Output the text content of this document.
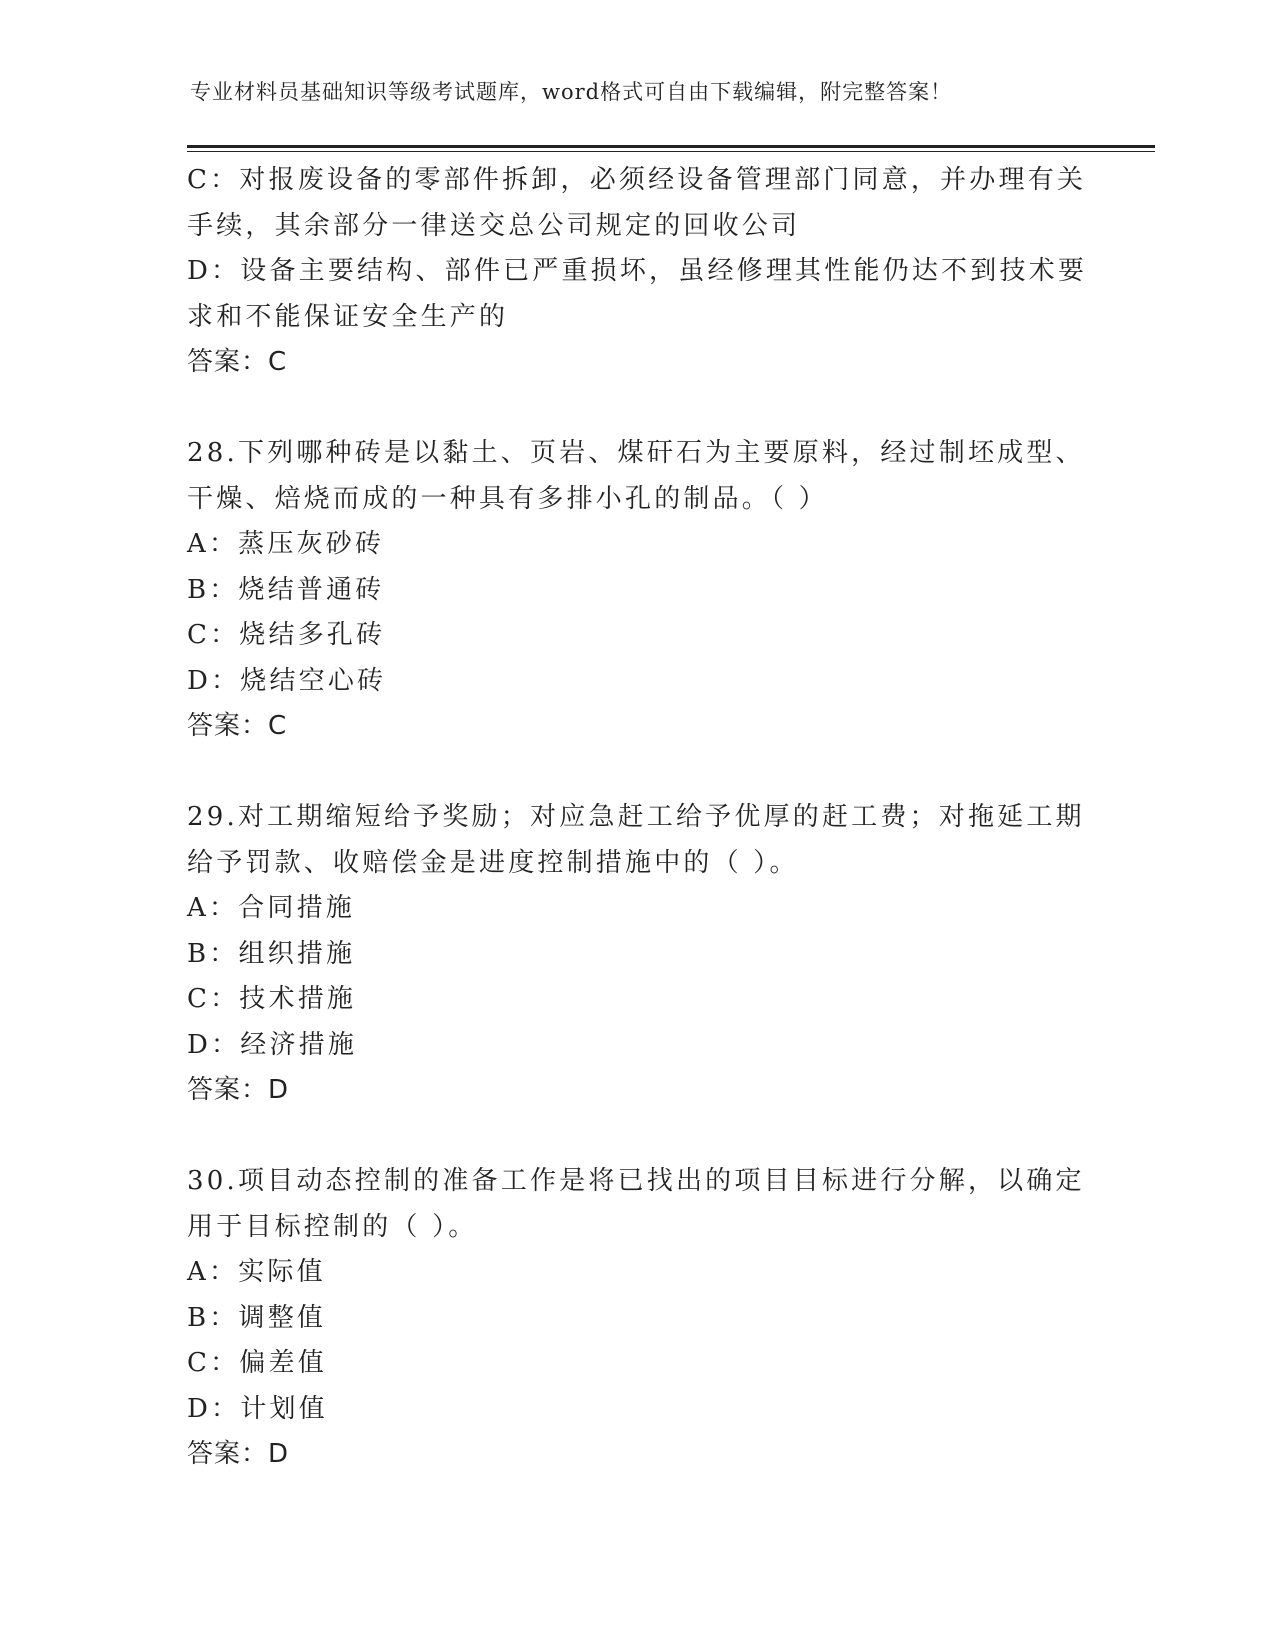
专业材料员基础知识等级考试题库，word格式可自由下载编辑，附完整答案！
C：对报废设备的零部件拆卸，必须经设备管理部门同意，并办理有关
手续，其余部分一律送交总公司规定的回收公司
D：设备主要结构、部件已严重损坏，虽经修理其性能仍达不到技术要
求和不能保证安全生产的
答案：C
28.下列哪种砖是以黏土、页岩、煤矸石为主要原料，经过制坯成型、
干燥、焙烧而成的一种具有多排小孔的制品。（ ）
A：蒸压灰砂砖
B：烧结普通砖
C：烧结多孔砖
D：烧结空心砖
答案：C
29.对工期缩短给予奖励；对应急赶工给予优厚的赶工费；对拖延工期
给予罚款、收赔偿金是进度控制措施中的（ ）。
A：合同措施
B：组织措施
C：技术措施
D：经济措施
答案：D
30.项目动态控制的准备工作是将已找出的项目目标进行分解，以确定
用于目标控制的（ ）。
A：实际值
B：调整值
C：偏差值
D：计划值
答案：D
